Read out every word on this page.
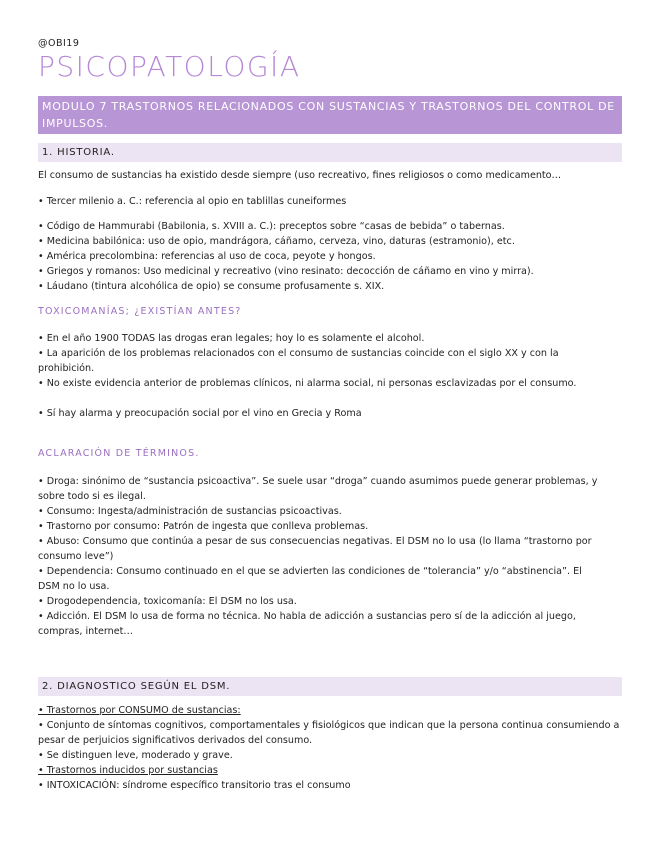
@OBI19
PSICOPATOLOGÍA
MODULO 7 TRASTORNOS RELACIONADOS CON SUSTANCIAS Y TRASTORNOS DEL CONTROL DE IMPULSOS.
1. HISTORIA.
El consumo de sustancias ha existido desde siempre (uso recreativo, fines religiosos o como medicamento…
• Tercer milenio a. C.: referencia al opio en tablillas cuneiformes
• Código de Hammurabi (Babilonia, s. XVIII a. C.): preceptos sobre “casas de bebida” o tabernas.
• Medicina babilónica: uso de opio, mandrágora, cáñamo, cerveza, vino, daturas (estramonio), etc.
• América precolombina: referencias al uso de coca, peyote y hongos.
• Griegos y romanos: Uso medicinal y recreativo (vino resinato: decocción de cáñamo en vino y mirra).
• Láudano (tintura alcohólica de opio) se consume profusamente s. XIX.
TOXICOMANÍAS; ¿EXISTÍAN ANTES?
• En el año 1900 TODAS las drogas eran legales; hoy lo es solamente el alcohol.
• La aparición de los problemas relacionados con el consumo de sustancias coincide con el siglo XX y con la prohibición.
• No existe evidencia anterior de problemas clínicos, ni alarma social, ni personas esclavizadas por el consumo.
• Sí hay alarma y preocupación social por el vino en Grecia y Roma
ACLARACIÓN DE TÉRMINOS.
• Droga: sinónimo de “sustancia psicoactiva”. Se suele usar “droga” cuando asumimos puede generar problemas, y sobre todo si es ilegal.
• Consumo: Ingesta/administración de sustancias psicoactivas.
• Trastorno por consumo: Patrón de ingesta que conlleva problemas.
• Abuso: Consumo que continúa a pesar de sus consecuencias negativas. El DSM no lo usa (lo llama “trastorno por consumo leve”)
• Dependencia: Consumo continuado en el que se advierten las condiciones de “tolerancia” y/o “abstinencia”. El DSM no lo usa.
• Drogodependencia, toxicomanía: El DSM no los usa.
• Adicción. El DSM lo usa de forma no técnica. No habla de adicción a sustancias pero sí de la adicción al juego, compras, internet…
2. DIAGNOSTICO SEGÚN EL DSM.
• Trastornos por CONSUMO de sustancias:
• Conjunto de síntomas cognitivos, comportamentales y fisiológicos que indican que la persona continua consumiendo a pesar de perjuicios significativos derivados del consumo.
• Se distinguen leve, moderado y grave.
• Trastornos inducidos por sustancias
• INTOXICACIÓN: síndrome específico transitorio tras el consumo
